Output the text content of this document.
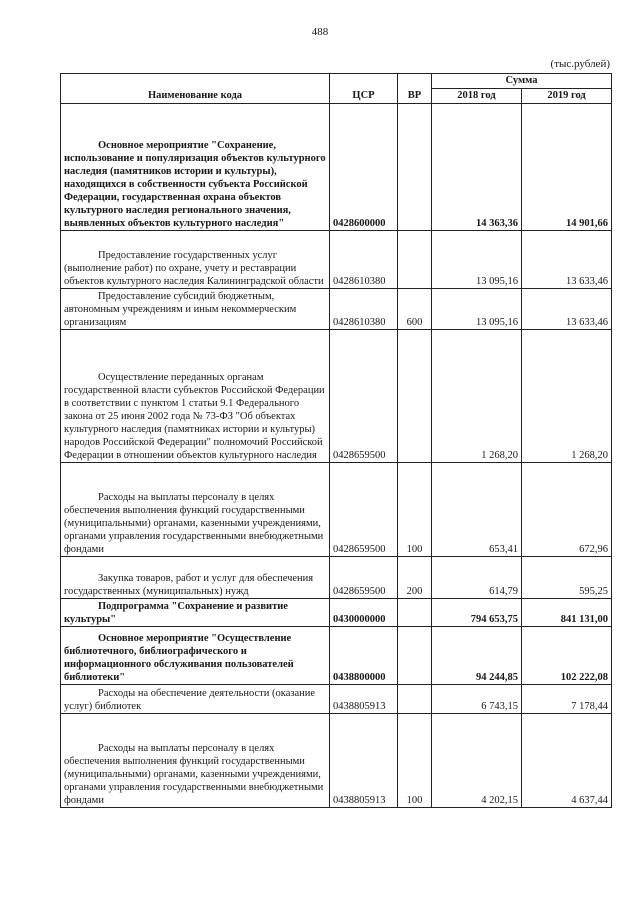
488
(тыс.рублей)
Наименование кода	ЦСР	ВР	Сумма	
			2018 год	2019 год
Основное мероприятие "Сохранение, использование и популяризация объектов культурного наследия (памятников истории и культуры), находящихся в собственности субъекта Российской Федерации, государственная охрана объектов культурного наследия регионального значения, выявленных объектов культурного наследия"	0428600000		14 363,36	14 901,66
Предоставление государственных услуг (выполнение работ) по охране, учету и реставрации объектов культурного наследия Калининградской области	0428610380		13 095,16	13 633,46
Предоставление субсидий бюджетным, автономным учреждениям и иным некоммерческим организациям	0428610380	600	13 095,16	13 633,46
Осуществление переданных органам государственной власти субъектов Российской Федерации в соответствии с пунктом 1 статьи 9.1 Федерального закона от 25 июня 2002 года № 73-ФЗ "Об объектах культурного наследия (памятниках истории и культуры) народов Российской Федерации" полномочий Российской Федерации в отношении объектов культурного наследия	0428659500		1 268,20	1 268,20
Расходы на выплаты персоналу в целях обеспечения выполнения функций государственными (муниципальными) органами, казенными учреждениями, органами управления государственными внебюджетными фондами	0428659500	100	653,41	672,96
Закупка товаров, работ и услуг для обеспечения государственных (муниципальных) нужд	0428659500	200	614,79	595,25
Подпрограмма "Сохранение и развитие культуры"	0430000000		794 653,75	841 131,00
Основное мероприятие "Осуществление библиотечного, библиографического и информационного обслуживания пользователей библиотеки"	0438800000		94 244,85	102 222,08
Расходы на обеспечение деятельности (оказание услуг) библиотек	0438805913		6 743,15	7 178,44
Расходы на выплаты персоналу в целях обеспечения выполнения функций государственными (муниципальными) органами, казенными учреждениями, органами управления государственными внебюджетными фондами	0438805913	100	4 202,15	4 637,44
